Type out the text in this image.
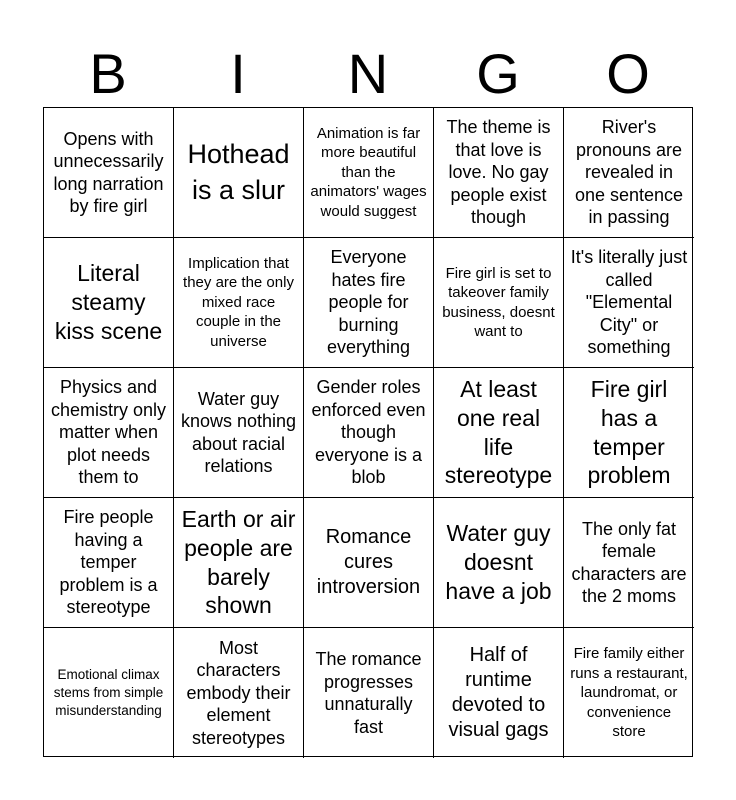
B	I	N	G	O
Opens with unnecessarily long narration by fire girl
Hothead is a slur
Animation is far more beautiful than the animators' wages would suggest
The theme is that love is love. No gay people exist though
River's pronouns are revealed in one sentence in passing
Literal steamy kiss scene
Implication that they are the only mixed race couple in the universe
Everyone hates fire people for burning everything
Fire girl is set to takeover family business, doesnt want to
It's literally just called "Elemental City" or something
Physics and chemistry only matter when plot needs them to
Water guy knows nothing about racial relations
Gender roles enforced even though everyone is a blob
At least one real life stereotype
Fire girl has a temper problem
Fire people having a temper problem is a stereotype
Earth or air people are barely shown
Romance cures introversion
Water guy doesnt have a job
The only fat female characters are the 2 moms
Emotional climax stems from simple misunderstanding
Most characters embody their element stereotypes
The romance progresses unnaturally fast
Half of runtime devoted to visual gags
Fire family either runs a restaurant, laundromat, or convenience store
